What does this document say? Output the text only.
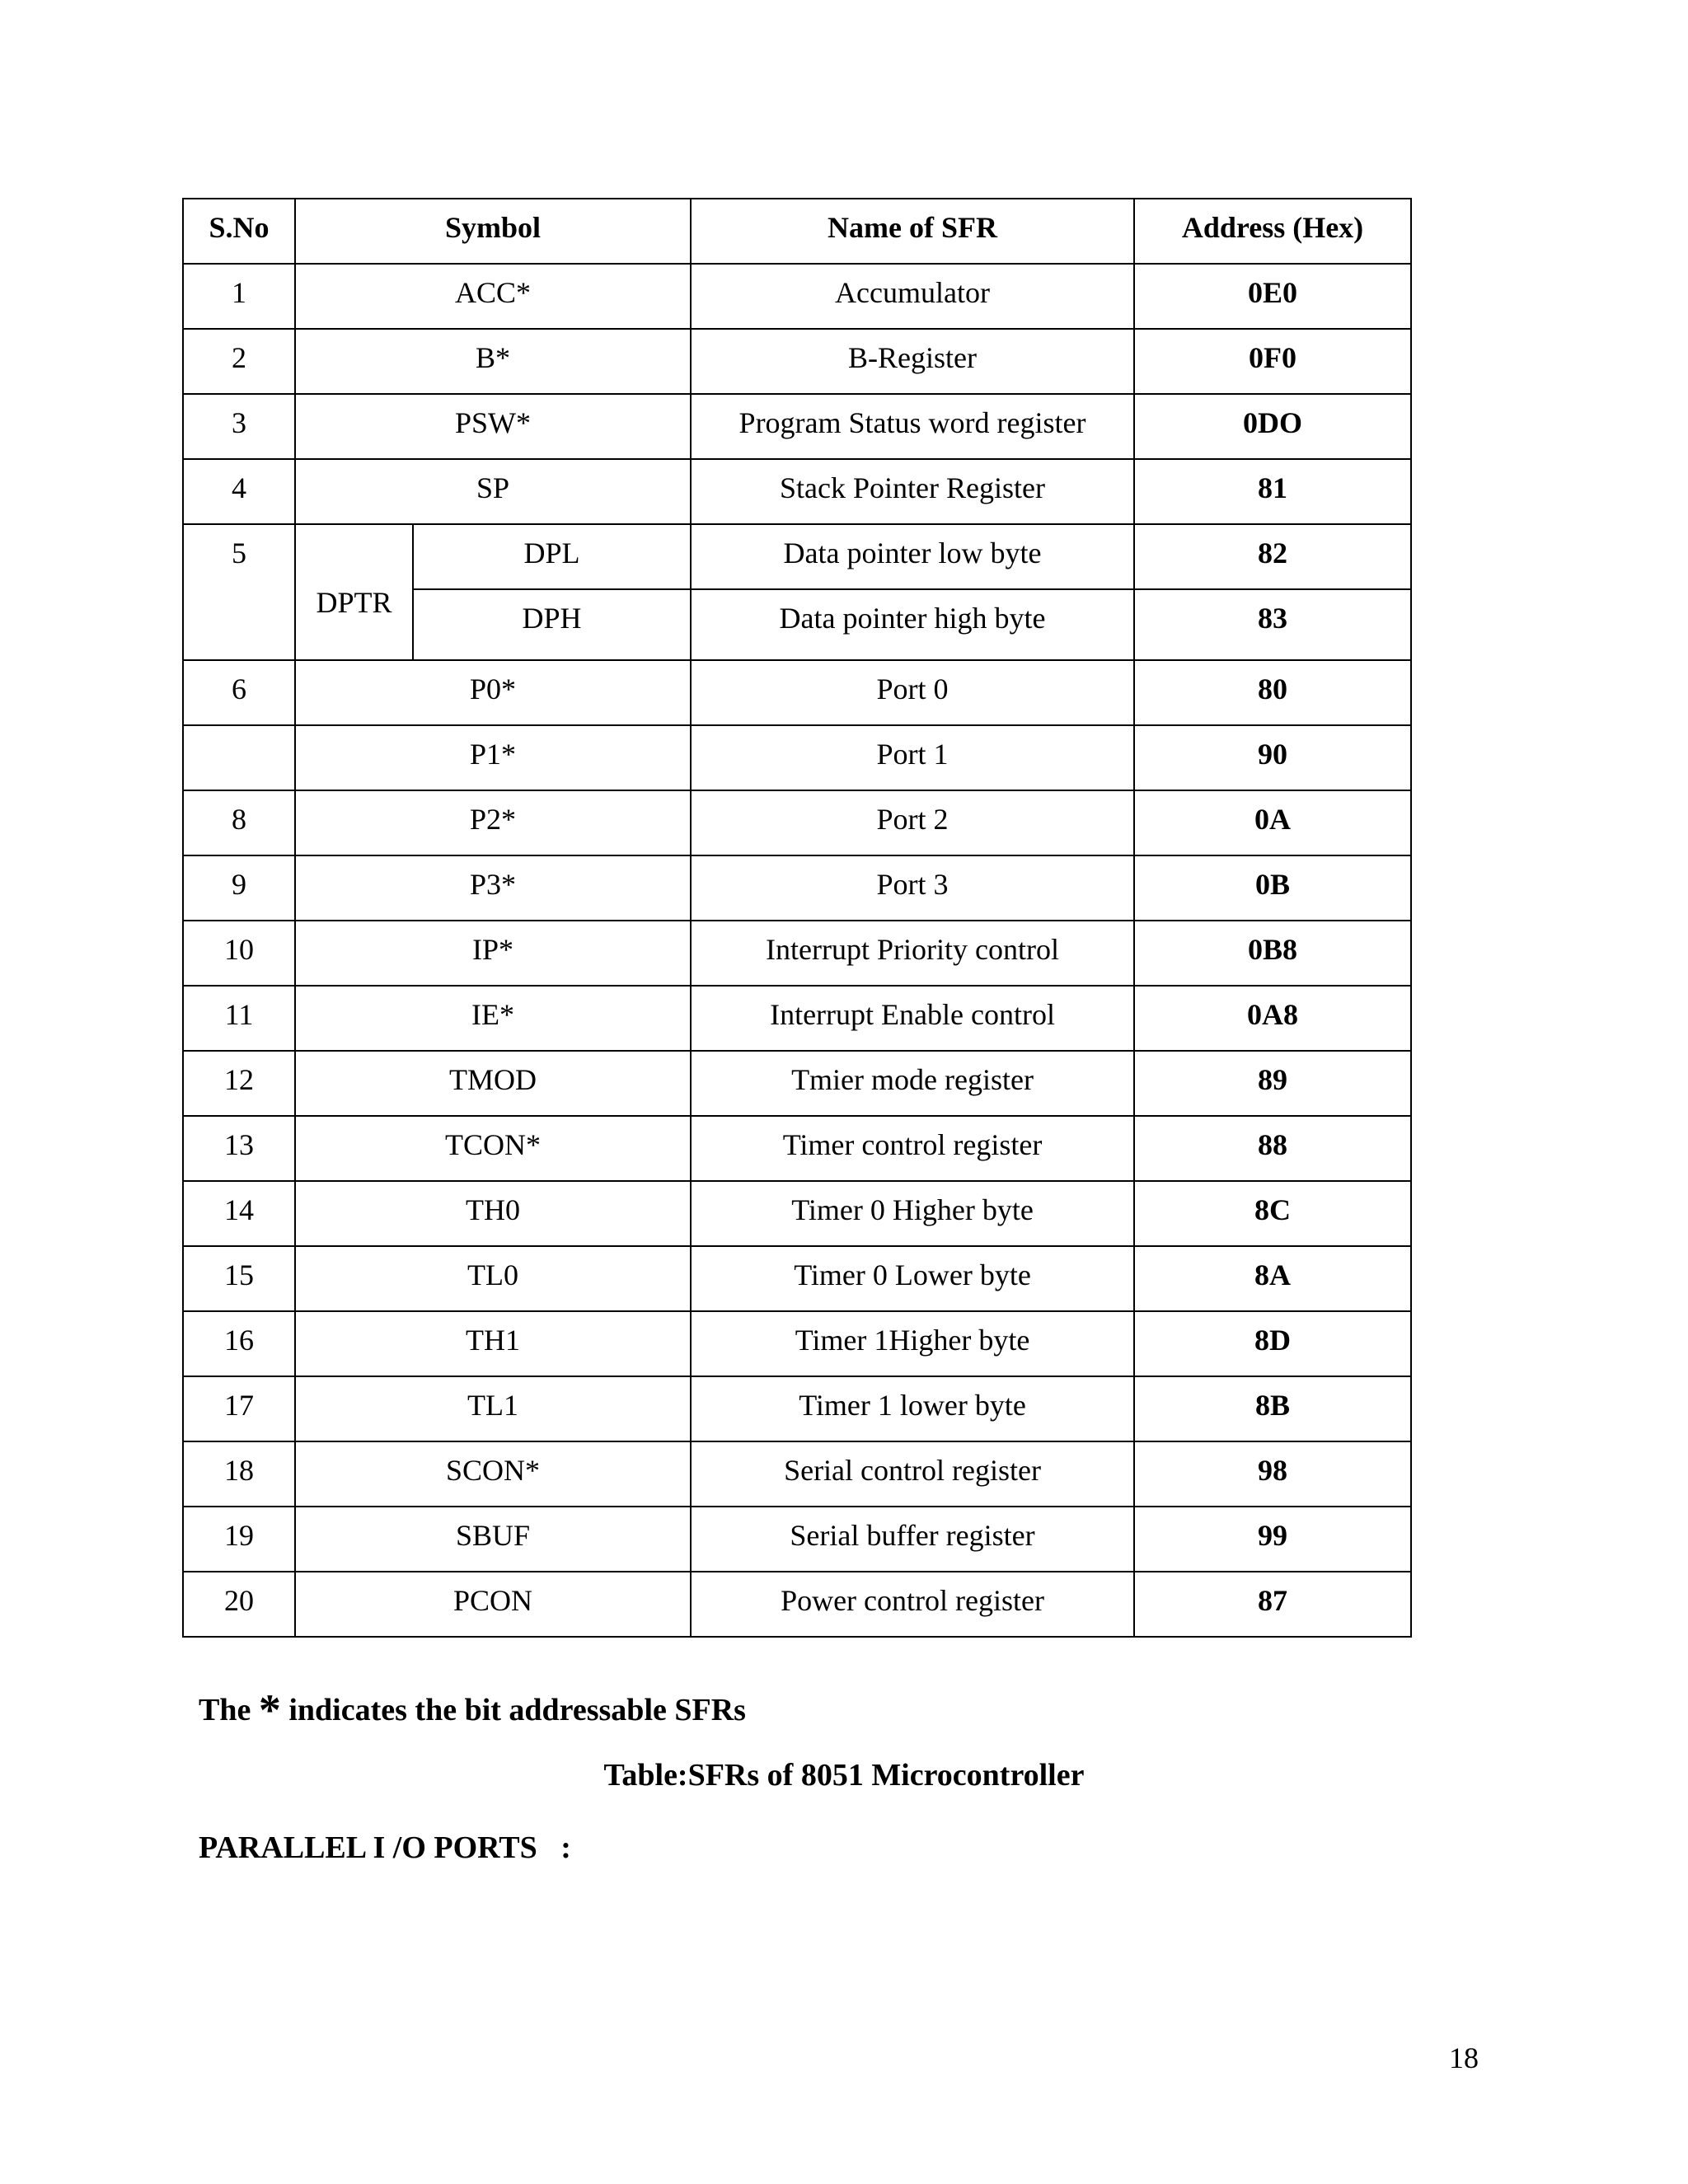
S.No	Symbol		Name of SFR	Address (Hex)
1	ACC*		Accumulator	0E0
2	B*		B-Register	0F0
3	PSW*		Program Status word register	0DO
4	SP		Stack Pointer Register	81
5	DPTR	DPL	Data pointer low byte	82
		DPH	Data pointer high byte	83
6	P0*		Port 0	80
	P1*		Port 1	90
8	P2*		Port 2	0A
9	P3*		Port 3	0B
10	IP*		Interrupt Priority control	0B8
11	IE*		Interrupt Enable control	0A8
12	TMOD		Tmier mode register	89
13	TCON*		Timer control register	88
14	TH0		Timer 0 Higher byte	8C
15	TL0		Timer 0 Lower byte	8A
16	TH1		Timer 1Higher byte	8D
17	TL1		Timer 1 lower byte	8B
18	SCON*		Serial control register	98
19	SBUF		Serial buffer register	99
20	PCON		Power control register	87
The * indicates the bit addressable SFRs
Table:SFRs of 8051 Microcontroller
PARALLEL I /O PORTS   :
18
